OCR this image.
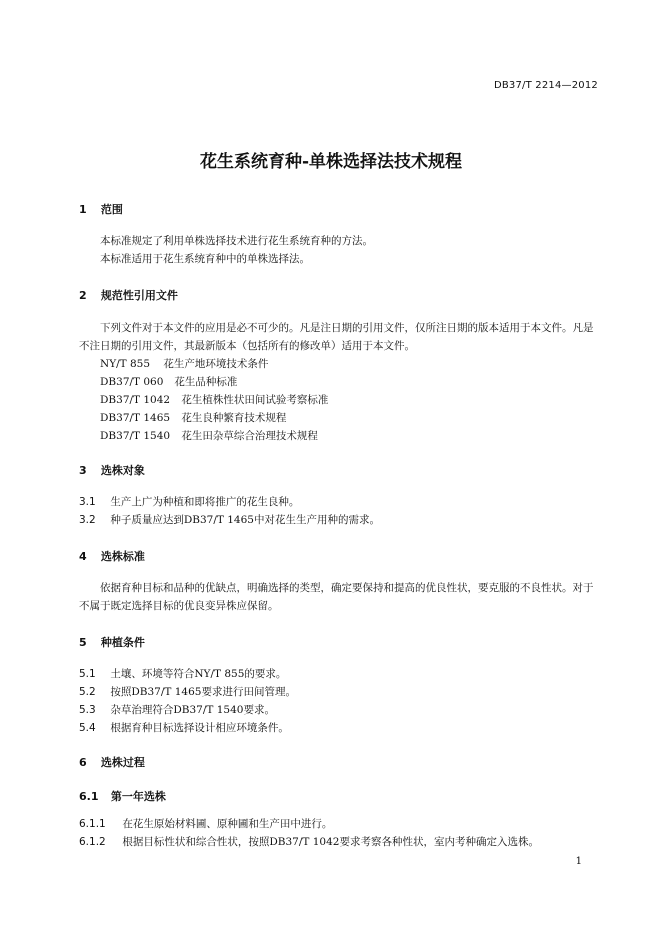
DB37/T 2214—2012
花生系统育种-单株选择法技术规程
1 范围
本标准规定了利用单株选择技术进行花生系统育种的方法。
本标准适用于花生系统育种中的单株选择法。
2 规范性引用文件
下列文件对于本文件的应用是必不可少的。凡是注日期的引用文件，仅所注日期的版本适用于本文件。凡是不注日期的引用文件，其最新版本（包括所有的修改单）适用于本文件。
NY/T 855 花生产地环境技术条件
DB37/T 060 花生品种标准
DB37/T 1042 花生植株性状田间试验考察标准
DB37/T 1465 花生良种繁育技术规程
DB37/T 1540 花生田杂草综合治理技术规程
3 选株对象
3.1 生产上广为种植和即将推广的花生良种。
3.2 种子质量应达到DB37/T 1465中对花生生产用种的需求。
4 选株标准
依据育种目标和品种的优缺点，明确选择的类型，确定要保持和提高的优良性状，要克服的不良性状。对于不属于既定选择目标的优良变异株应保留。
5 种植条件
5.1 土壤、环境等符合NY/T 855的要求。
5.2 按照DB37/T 1465要求进行田间管理。
5.3 杂草治理符合DB37/T 1540要求。
5.4 根据育种目标选择设计相应环境条件。
6 选株过程
6.1 第一年选株
6.1.1 在花生原始材料圃、原种圃和生产田中进行。
6.1.2 根据目标性状和综合性状，按照DB37/T 1042要求考察各种性状，室内考种确定入选株。
1
